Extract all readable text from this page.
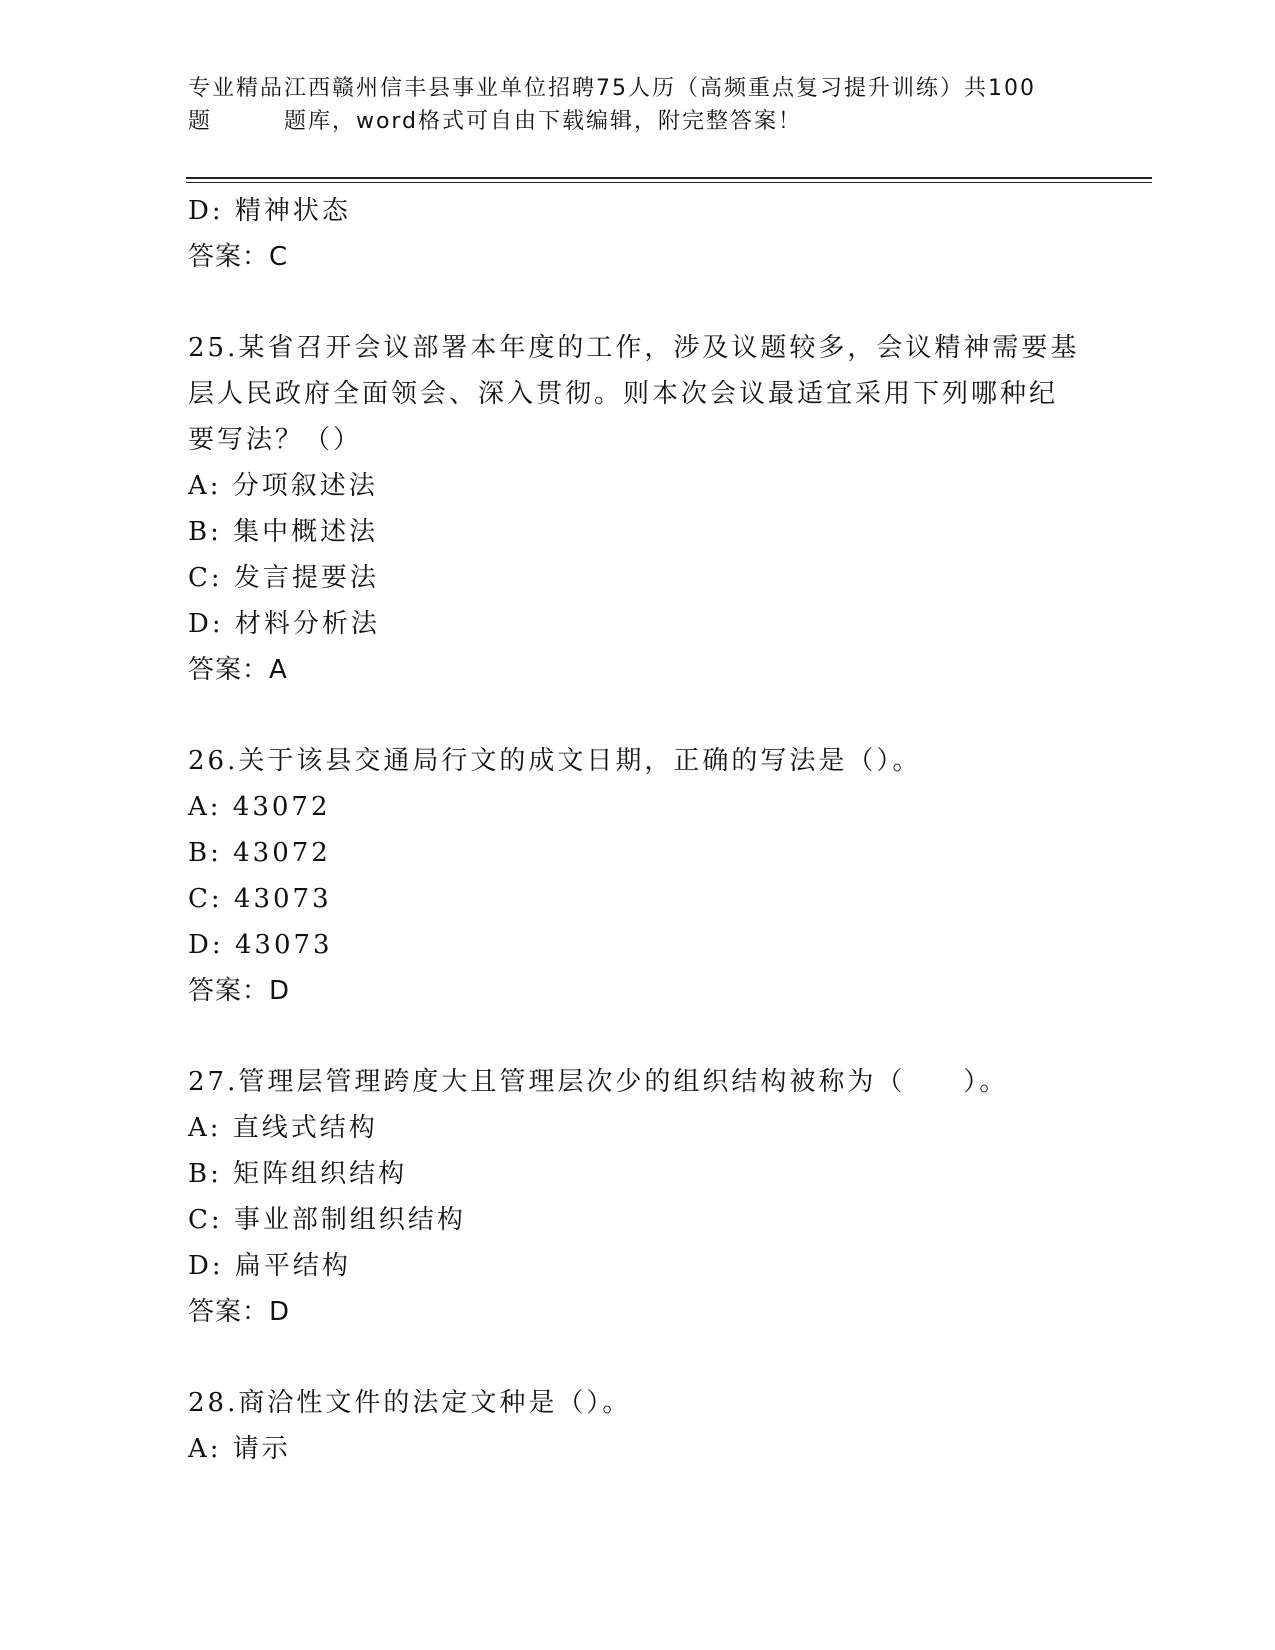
专业精品江西赣州信丰县事业单位招聘75人历（高频重点复习提升训练）共100
题        题库，word格式可自由下载编辑，附完整答案！
D: 精神状态
答案：C
25.某省召开会议部署本年度的工作，涉及议题较多，会议精神需要基
层人民政府全面领会、深入贯彻。则本次会议最适宜采用下列哪种纪
要写法？（）
A: 分项叙述法
B: 集中概述法
C: 发言提要法
D: 材料分析法
答案：A
26.关于该县交通局行文的成文日期，正确的写法是（）。
A: 43072
B: 43072
C: 43073
D: 43073
答案：D
27.管理层管理跨度大且管理层次少的组织结构被称为（　　）。
A: 直线式结构
B: 矩阵组织结构
C: 事业部制组织结构
D: 扁平结构
答案：D
28.商洽性文件的法定文种是（）。
A: 请示
